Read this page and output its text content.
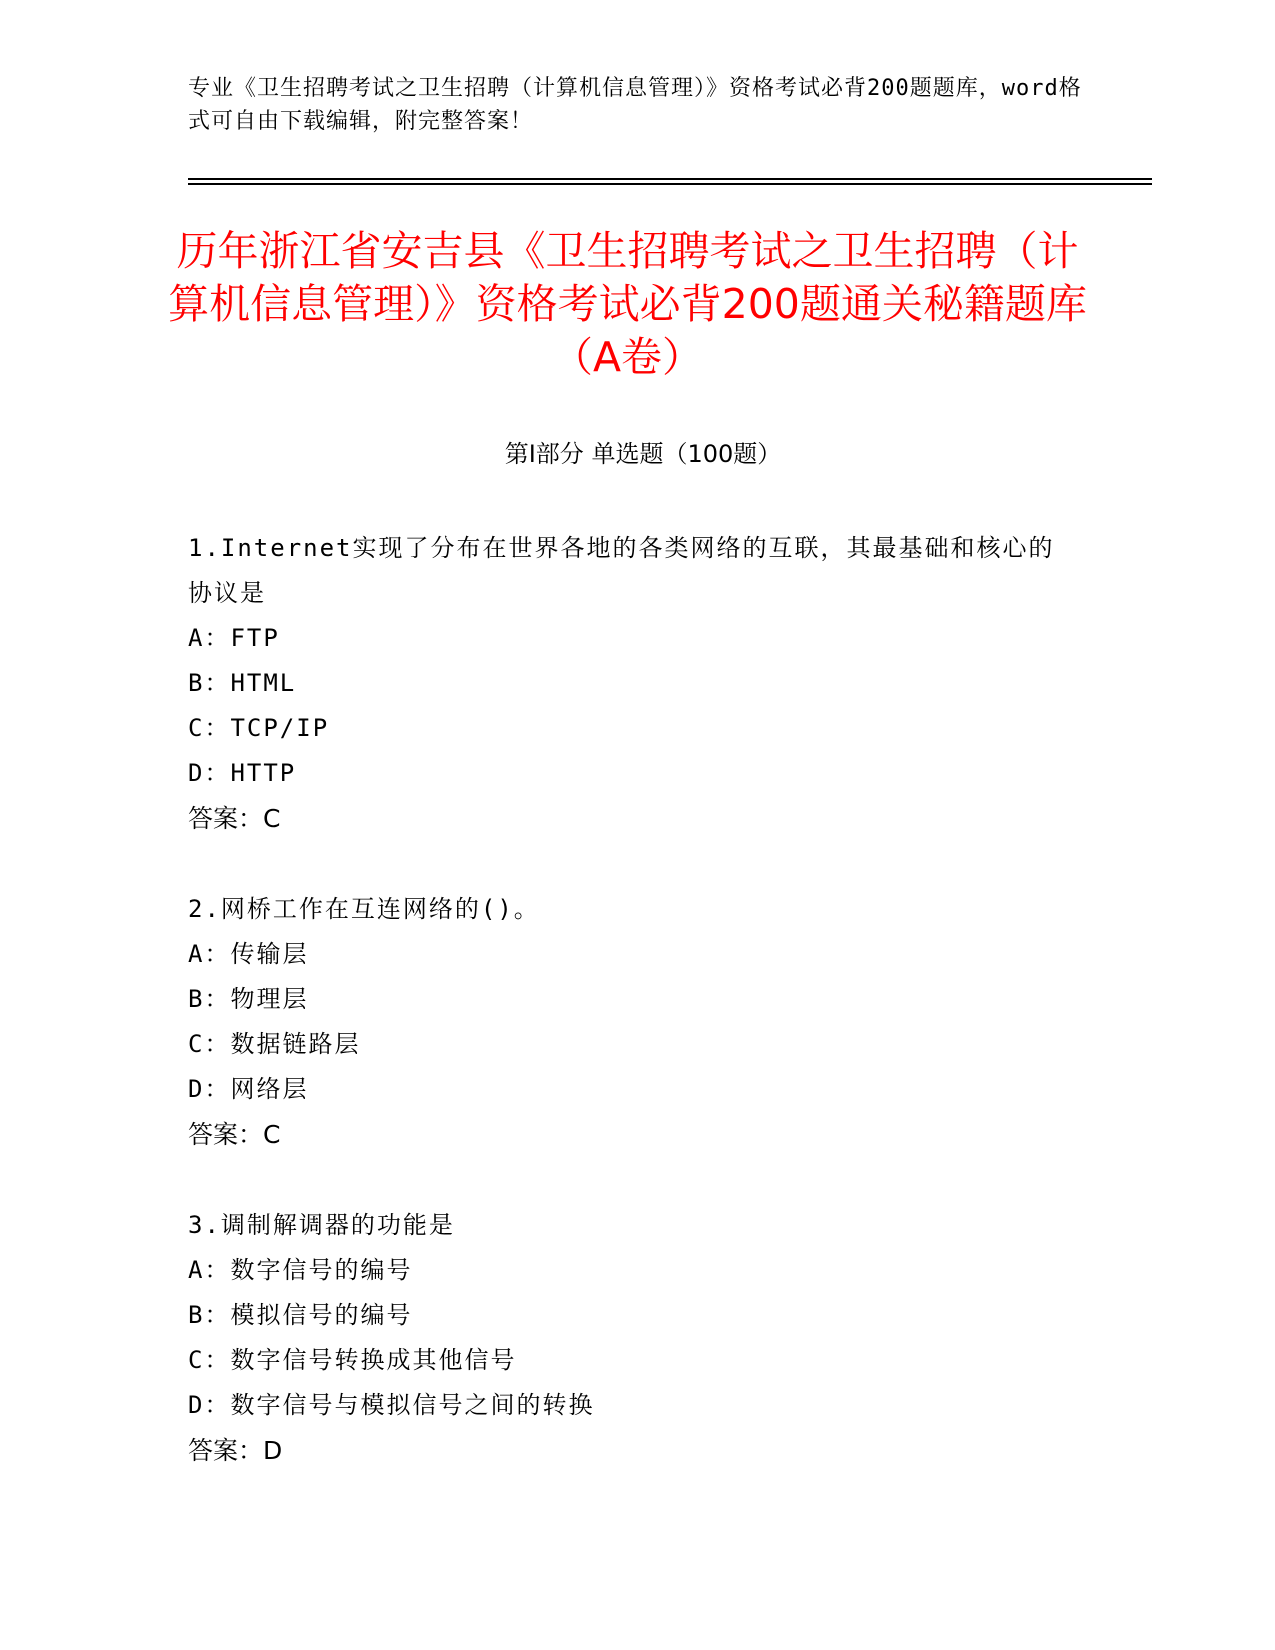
专业《卫生招聘考试之卫生招聘（计算机信息管理）》资格考试必背200题题库，word格式可自由下载编辑，附完整答案！
历年浙江省安吉县《卫生招聘考试之卫生招聘（计算机信息管理）》资格考试必背200题通关秘籍题库（A卷）
第I部分 单选题（100题）

1.Internet实现了分布在世界各地的各类网络的互联，其最基础和核心的协议是

A：FTP

B：HTML

C：TCP/IP

D：HTTP

答案：C

2.网桥工作在互连网络的()。

A：传输层

B：物理层

C：数据链路层

D：网络层

答案：C

3.调制解调器的功能是

A：数字信号的编号

B：模拟信号的编号

C：数字信号转换成其他信号

D：数字信号与模拟信号之间的转换

答案：D
